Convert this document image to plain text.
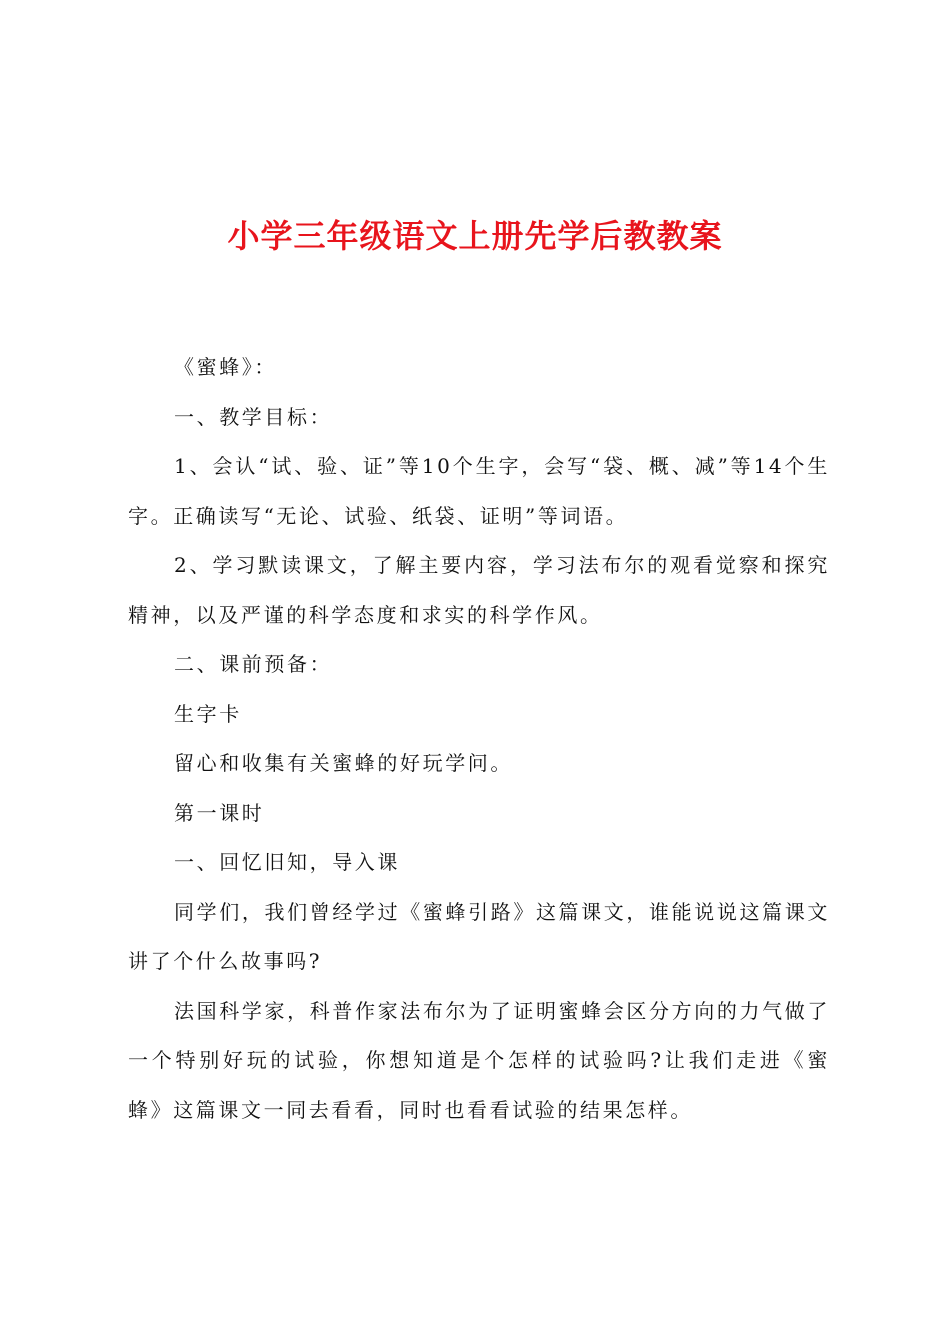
小学三年级语文上册先学后教教案

《蜜蜂》：

一、教学目标：

1、会认“试、验、证”等10个生字，会写“袋、概、减”等14个生字。正确读写“无论、试验、纸袋、证明”等词语。

2、学习默读课文，了解主要内容，学习法布尔的观看觉察和探究精神，以及严谨的科学态度和求实的科学作风。

二、课前预备：

生字卡

留心和收集有关蜜蜂的好玩学问。

第一课时

一、回忆旧知，导入课

同学们，我们曾经学过《蜜蜂引路》这篇课文，谁能说说这篇课文讲了个什么故事吗?

法国科学家，科普作家法布尔为了证明蜜蜂会区分方向的力气做了一个特别好玩的试验，你想知道是个怎样的试验吗?让我们走进《蜜蜂》这篇课文一同去看看，同时也看看试验的结果怎样。
